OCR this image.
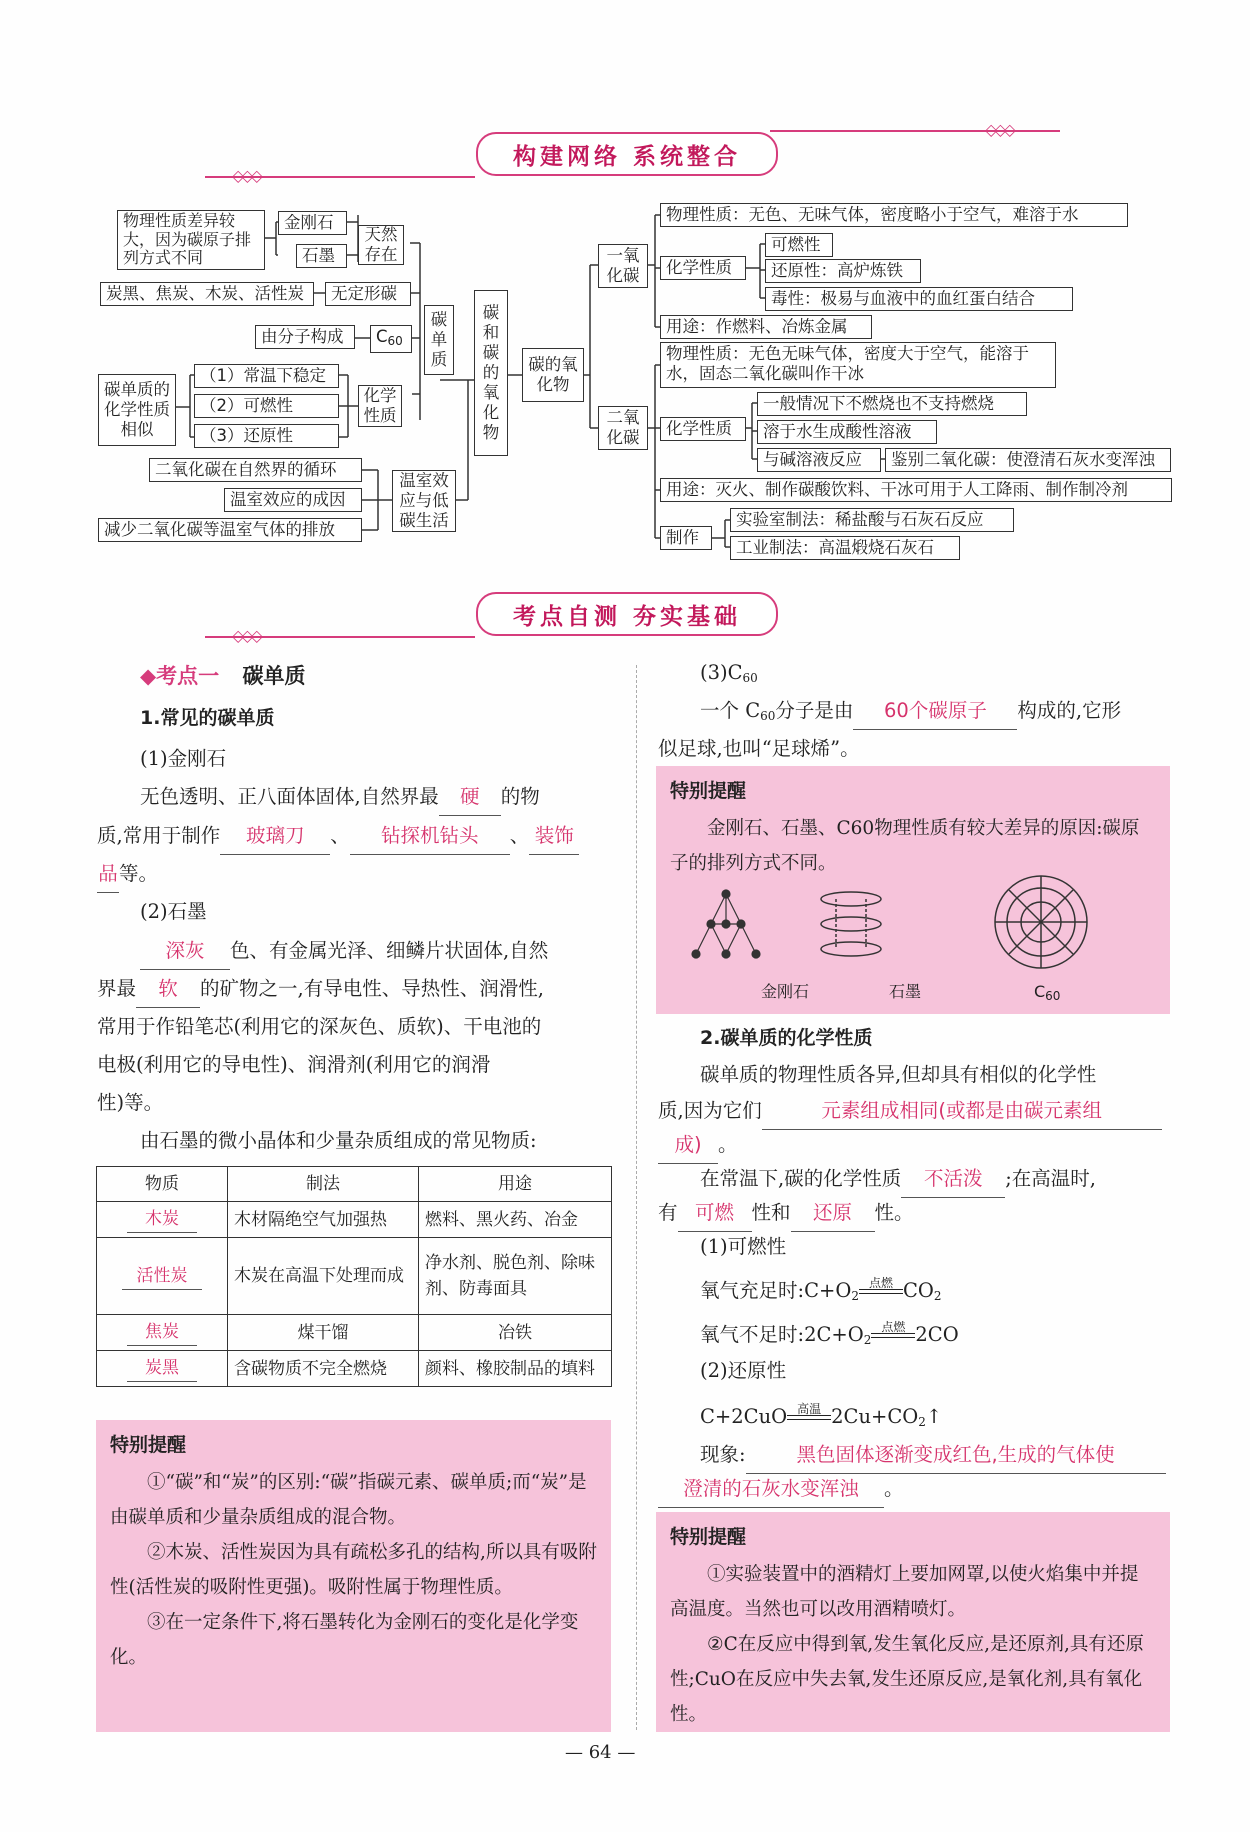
◇◇◇
◇◇◇
构建网络 系统整合
物理性质差异较大，因为碳原子排列方式不同
金刚石
石墨
天然存在
炭黑、焦炭、木炭、活性炭	无定形碳
由分子构成	$C_{60}$
碳单质
碳单质的化学性质相似
（1）常温下稳定
（2）可燃性
（3）还原性
化学性质
二氧化碳在自然界的循环
温室效应的成因
减少二氧化碳等温室气体的排放
温室效应与低碳生活
碳和碳的氧化物
碳的氧化物
一氧化碳
二氧化碳
物理性质：无色、无味气体，密度略小于空气，难溶于水
化学性质
可燃性
还原性：高炉炼铁
毒性：极易与血液中的血红蛋白结合
用途：作燃料、冶炼金属
物理性质：无色无味气体，密度大于空气，能溶于水，固态二氧化碳叫作干冰
化学性质
一般情况下不燃烧也不支持燃烧
溶于水生成酸性溶液
与碱溶液反应	鉴别二氧化碳：使澄清石灰水变浑浊
用途：灭火、制作碳酸饮料、干冰可用于人工降雨、制作制冷剂
制作
实验室制法：稀盐酸与石灰石反应
工业制法：高温煅烧石灰石
◇◇◇
考点自测 夯实基础
◆考点一 碳单质
1.常见的碳单质
(1)金刚石
无色透明、正八面体固体,自然界最 硬 的物
质,常用于制作 玻璃刀 、 钻探机钻头 、 装饰
品等。
(2)石墨
深灰 色、有金属光泽、细鳞片状固体,自然
界最 软 的矿物之一,有导电性、导热性、润滑性,
常用于作铅笔芯(利用它的深灰色、质软)、干电池的
电极(利用它的导电性)、润滑剂(利用它的润滑
性)等。
由石墨的微小晶体和少量杂质组成的常见物质:
物质	制法	用途
木炭	木材隔绝空气加强热	燃料、黑火药、冶金
活性炭	木炭在高温下处理而成	净水剂、脱色剂、除味剂、防毒面具
焦炭	煤干馏	冶铁
炭黑	含碳物质不完全燃烧	颜料、橡胶制品的填料
特别提醒
①“碳”和“炭”的区别:“碳”指碳元素、碳单质;而“炭”是由碳单质和少量杂质组成的混合物。
②木炭、活性炭因为具有疏松多孔的结构,所以具有吸附性(活性炭的吸附性更强)。吸附性属于物理性质。
③在一定条件下,将石墨转化为金刚石的变化是化学变化。
$(3)C_{60}$
一个 $C_{60}$分子是由 60个碳原子 构成的,它形
似足球,也叫“足球烯”。
特别提醒
金刚石、石墨、C60物理性质有较大差异的原因:碳原子的排列方式不同。
金刚石	石墨	$C_{60}$
2.碳单质的化学性质
碳单质的物理性质各异,但却具有相似的化学性
质,因为它们	元素组成相同(或都是由碳元素组
成) 。
在常温下,碳的化学性质 不活泼 ;在高温时,
有 可燃 性和 还原 性。
(1)可燃性
氧气充足时$:C+O_2$
点燃 $CO_2$
氧气不足时$:2C+O_2$
点燃 2CO
(2)还原性
C+2CuO 高温 $2Cu+CO_2↑$
现象:	黑色固体逐渐变成红色,生成的气体使
澄清的石灰水变浑浊 。
特别提醒
①实验装置中的酒精灯上要加网罩,以使火焰集中并提高温度。当然也可以改用酒精喷灯。
②C在反应中得到氧,发生氧化反应,是还原剂,具有还原性;CuO在反应中失去氧,发生还原反应,是氧化剂,具有氧化性。
— 64 —
